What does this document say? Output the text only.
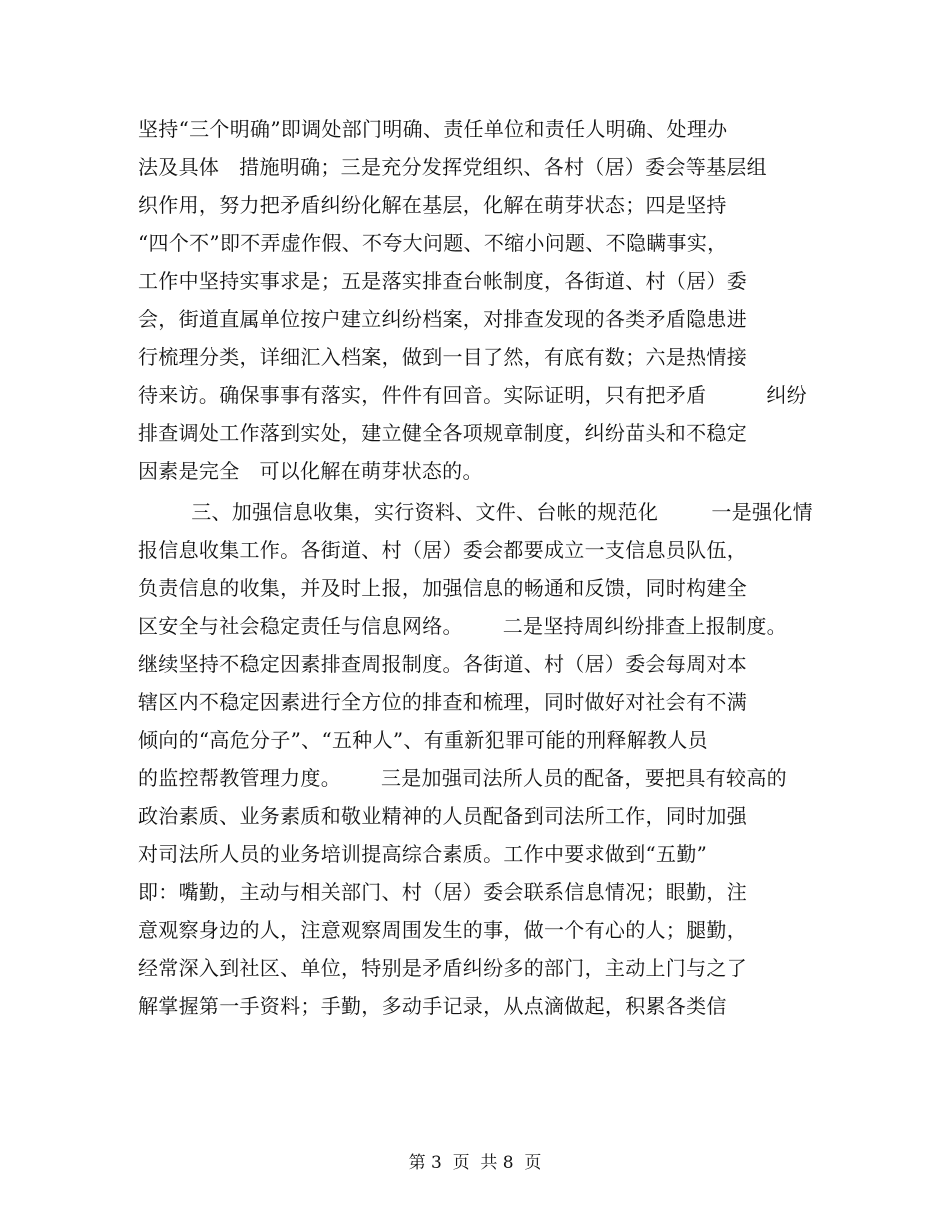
坚持“三个明确”即调处部门明确、责任单位和责任人明确、处理办
法及具体   措施明确；三是充分发挥党组织、各村（居）委会等基层组
织作用，努力把矛盾纠纷化解在基层，化解在萌芽状态；四是坚持
“四个不”即不弄虚作假、不夸大问题、不缩小问题、不隐瞒事实，
工作中坚持实事求是；五是落实排查台帐制度，各街道、村（居）委
会，街道直属单位按户建立纠纷档案，对排查发现的各类矛盾隐患进
行梳理分类，详细汇入档案，做到一目了然，有底有数；六是热情接
待来访。确保事事有落实，件件有回音。实际证明，只有把矛盾         纠纷
排查调处工作落到实处，建立健全各项规章制度，纠纷苗头和不稳定
因素是完全   可以化解在萌芽状态的。
三、加强信息收集，实行资料、文件、台帐的规范化        一是强化情
报信息收集工作。各街道、村（居）委会都要成立一支信息员队伍，
负责信息的收集，并及时上报，加强信息的畅通和反馈，同时构建全
区安全与社会稳定责任与信息网络。      二是坚持周纠纷排查上报制度。
继续坚持不稳定因素排查周报制度。各街道、村（居）委会每周对本
辖区内不稳定因素进行全方位的排查和梳理，同时做好对社会有不满
倾向的“高危分子”、“五种人”、有重新犯罪可能的刑释解教人员
的监控帮教管理力度。      三是加强司法所人员的配备，要把具有较高的
政治素质、业务素质和敬业精神的人员配备到司法所工作，同时加强
对司法所人员的业务培训提高综合素质。工作中要求做到“五勤”
即：嘴勤，主动与相关部门、村（居）委会联系信息情况；眼勤，注
意观察身边的人，注意观察周围发生的事，做一个有心的人；腿勤，
经常深入到社区、单位，特别是矛盾纠纷多的部门，主动上门与之了
解掌握第一手资料；手勤，多动手记录，从点滴做起，积累各类信
第 3  页  共 8  页
